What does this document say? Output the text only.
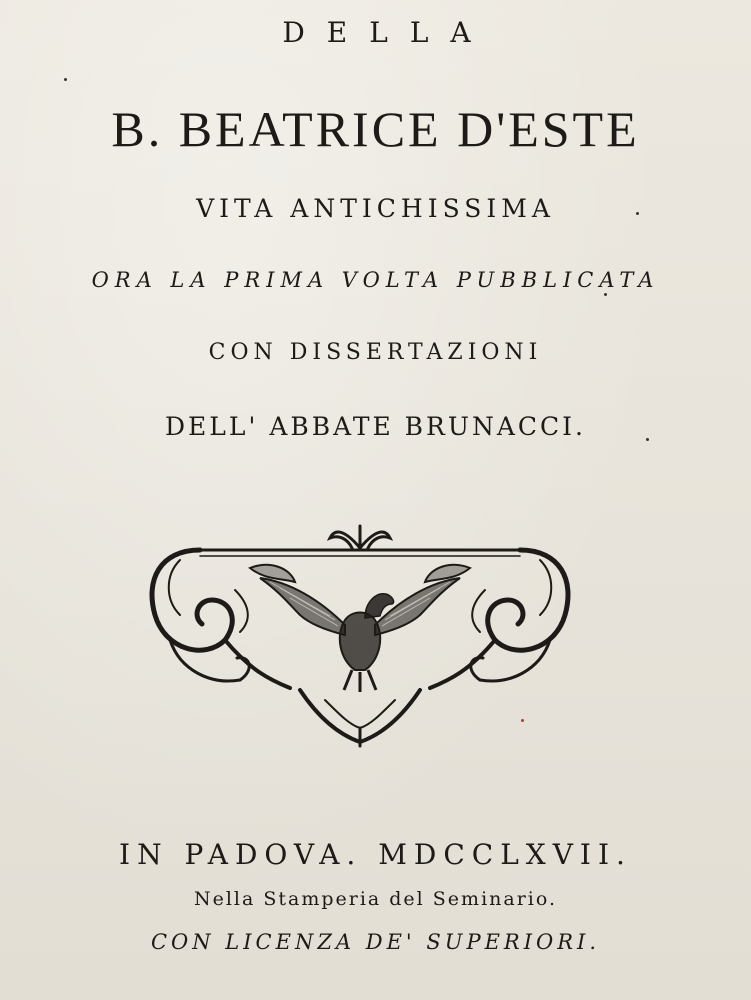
DELLA
B. BEATRICE D'ESTE
VITA ANTICHISSIMA
ORA LA PRIMA VOLTA PUBBLICATA
CON DISSERTAZIONI
DELL' ABBATE BRUNACCI.
IN PADOVA. MDCCLXVII.
Nella Stamperia del Seminario.
CON LICENZA DE' SUPERIORI.
